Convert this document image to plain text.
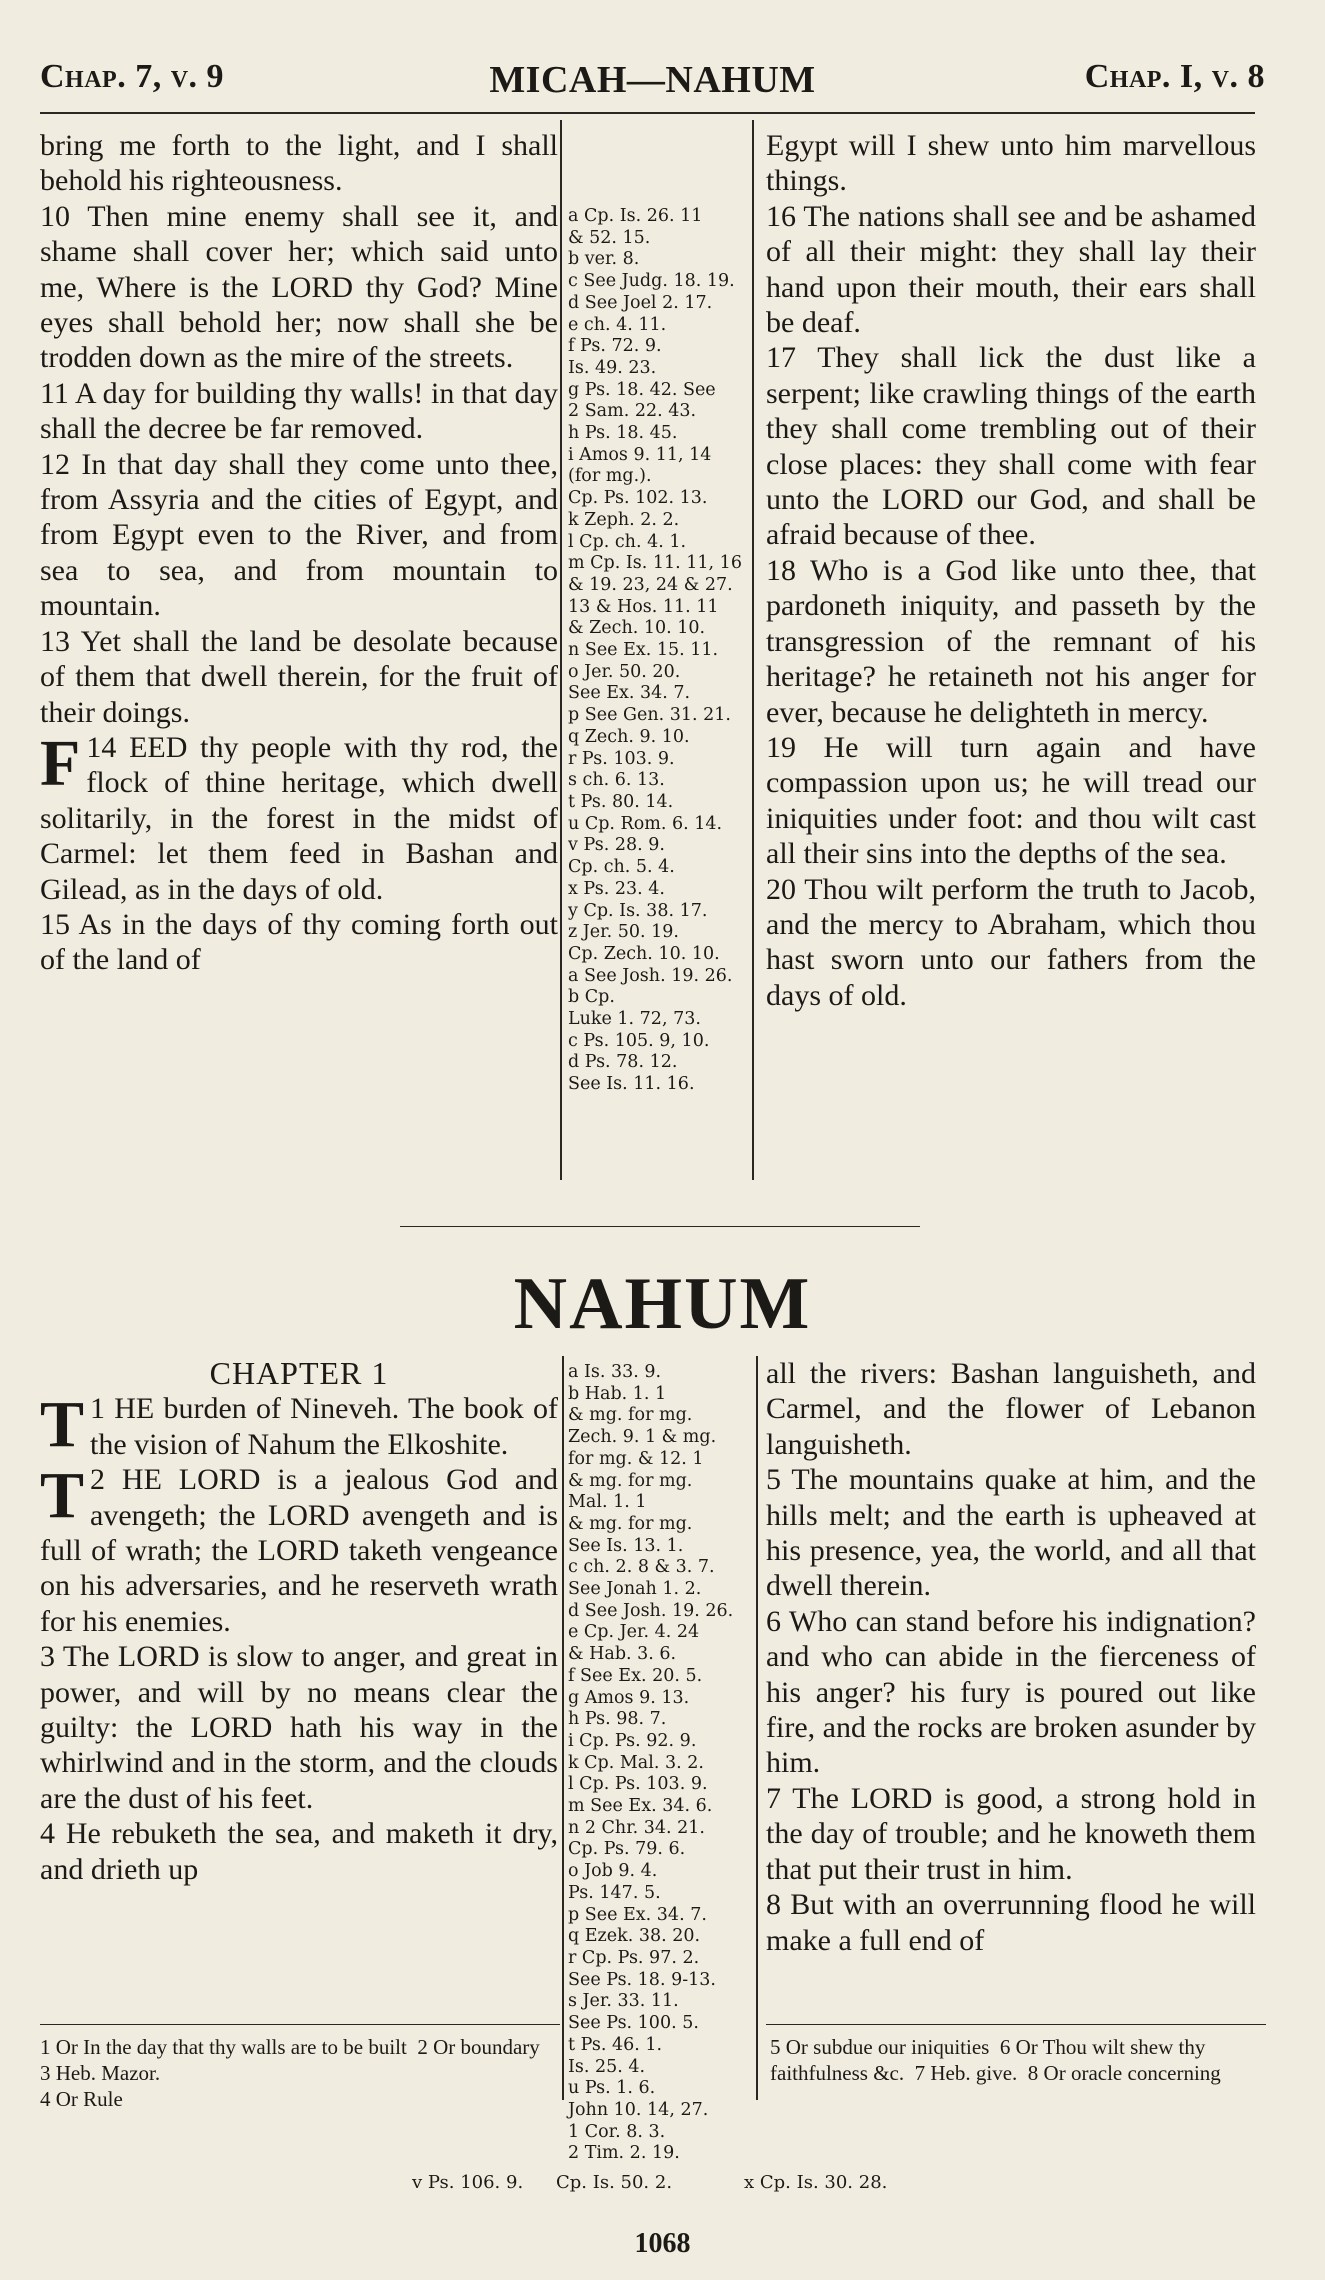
Chap. 7, v. 9	MICAH—NAHUM	Chap. I, v. 8

bring me forth to the light, and I shall behold his righteousness.

10 Then mine enemy shall see it, and shame shall cover her; which said unto me, Where is the LORD thy God? Mine eyes shall behold her; now shall she be trodden down as the mire of the streets.

11 A day for building thy walls! in that day shall the decree be far removed.

12 In that day shall they come unto thee, from Assyria and the cities of Egypt, and from Egypt even to the River, and from sea to sea, and from mountain to mountain.

13 Yet shall the land be desolate because of them that dwell therein, for the fruit of their doings.

14
F EED thy people with thy rod, the flock of thine heritage, which dwell solitarily, in the forest in the midst of Carmel: let them feed in Bashan and Gilead, as in the days of old.

15 As in the days of thy coming forth out of the land of

a Cp. Is. 26. 11
& 52. 15.
b ver. 8.
c See Judg. 18. 19.
d See Joel 2. 17.
e ch. 4. 11.
f Ps. 72. 9.
Is. 49. 23.
g Ps. 18. 42. See
2 Sam. 22. 43.
h Ps. 18. 45.
i Amos 9. 11, 14
(for mg.).
Cp. Ps. 102. 13.
k Zeph. 2. 2.
l Cp. ch. 4. 1.
m Cp. Is. 11. 11, 16
& 19. 23, 24 & 27.
13 & Hos. 11. 11
& Zech. 10. 10.
n See Ex. 15. 11.
o Jer. 50. 20.
See Ex. 34. 7.
p See Gen. 31. 21.
q Zech. 9. 10.
r Ps. 103. 9.
s ch. 6. 13.
t Ps. 80. 14.
u Cp. Rom. 6. 14.
v Ps. 28. 9.
Cp. ch. 5. 4.
x Ps. 23. 4.
y Cp. Is. 38. 17.
z Jer. 50. 19.
Cp. Zech. 10. 10.
a See Josh. 19. 26.
b Cp.
Luke 1. 72, 73.
c Ps. 105. 9, 10.
d Ps. 78. 12.
See Is. 11. 16.

Egypt will I shew unto him marvellous things.

16 The nations shall see and be ashamed of all their might: they shall lay their hand upon their mouth, their ears shall be deaf.

17 They shall lick the dust like a serpent; like crawling things of the earth they shall come trembling out of their close places: they shall come with fear unto the LORD our God, and shall be afraid because of thee.

18 Who is a God like unto thee, that pardoneth iniquity, and passeth by the transgression of the remnant of his heritage? he retaineth not his anger for ever, because he delighteth in mercy.

19 He will turn again and have compassion upon us; he will tread our iniquities under foot: and thou wilt cast all their sins into the depths of the sea.

20 Thou wilt perform the truth to Jacob, and the mercy to Abraham, which thou hast sworn unto our fathers from the days of old.

NAHUM
CHAPTER 1

1
T HE burden of Nineveh. The book of the vision of Nahum the Elkoshite.

2
T HE LORD is a jealous God and avengeth; the LORD avengeth and is full of wrath; the LORD taketh vengeance on his adversaries, and he reserveth wrath for his enemies.

3 The LORD is slow to anger, and great in power, and will by no means clear the guilty: the LORD hath his way in the whirlwind and in the storm, and the clouds are the dust of his feet.

4 He rebuketh the sea, and maketh it dry, and drieth up

a Is. 33. 9.
b Hab. 1. 1
& mg. for mg.
Zech. 9. 1 & mg.
for mg. & 12. 1
& mg. for mg.
Mal. 1. 1
& mg. for mg.
See Is. 13. 1.
c ch. 2. 8 & 3. 7.
See Jonah 1. 2.
d See Josh. 19. 26.
e Cp. Jer. 4. 24
& Hab. 3. 6.
f See Ex. 20. 5.
g Amos 9. 13.
h Ps. 98. 7.
i Cp. Ps. 92. 9.
k Cp. Mal. 3. 2.
l Cp. Ps. 103. 9.
m See Ex. 34. 6.
n 2 Chr. 34. 21.
Cp. Ps. 79. 6.
o Job 9. 4.
Ps. 147. 5.
p See Ex. 34. 7.
q Ezek. 38. 20.
r Cp. Ps. 97. 2.
See Ps. 18. 9-13.
s Jer. 33. 11.
See Ps. 100. 5.
t Ps. 46. 1.
Is. 25. 4.
u Ps. 1. 6.
John 10. 14, 27.
1 Cor. 8. 3.
2 Tim. 2. 19.

all the rivers: Bashan languisheth, and Carmel, and the flower of Lebanon languisheth.

5 The mountains quake at him, and the hills melt; and the earth is upheaved at his presence, yea, the world, and all that dwell therein.

6 Who can stand before his indignation? and who can abide in the fierceness of his anger? his fury is poured out like fire, and the rocks are broken asunder by him.

7 The LORD is good, a strong hold in the day of trouble; and he knoweth them that put their trust in him.

8 But with an overrunning flood he will make a full end of

1 Or In the day that thy walls are to be built 2 Or boundary  3 Heb. Mazor.
4 Or Rule
5 Or subdue our iniquities 6 Or Thou wilt shew thy faithfulness &c. 7 Heb. give. 8 Or oracle concerning
v Ps. 106. 9. Cp. Is. 50. 2.	x Cp. Is. 30. 28.
1068
